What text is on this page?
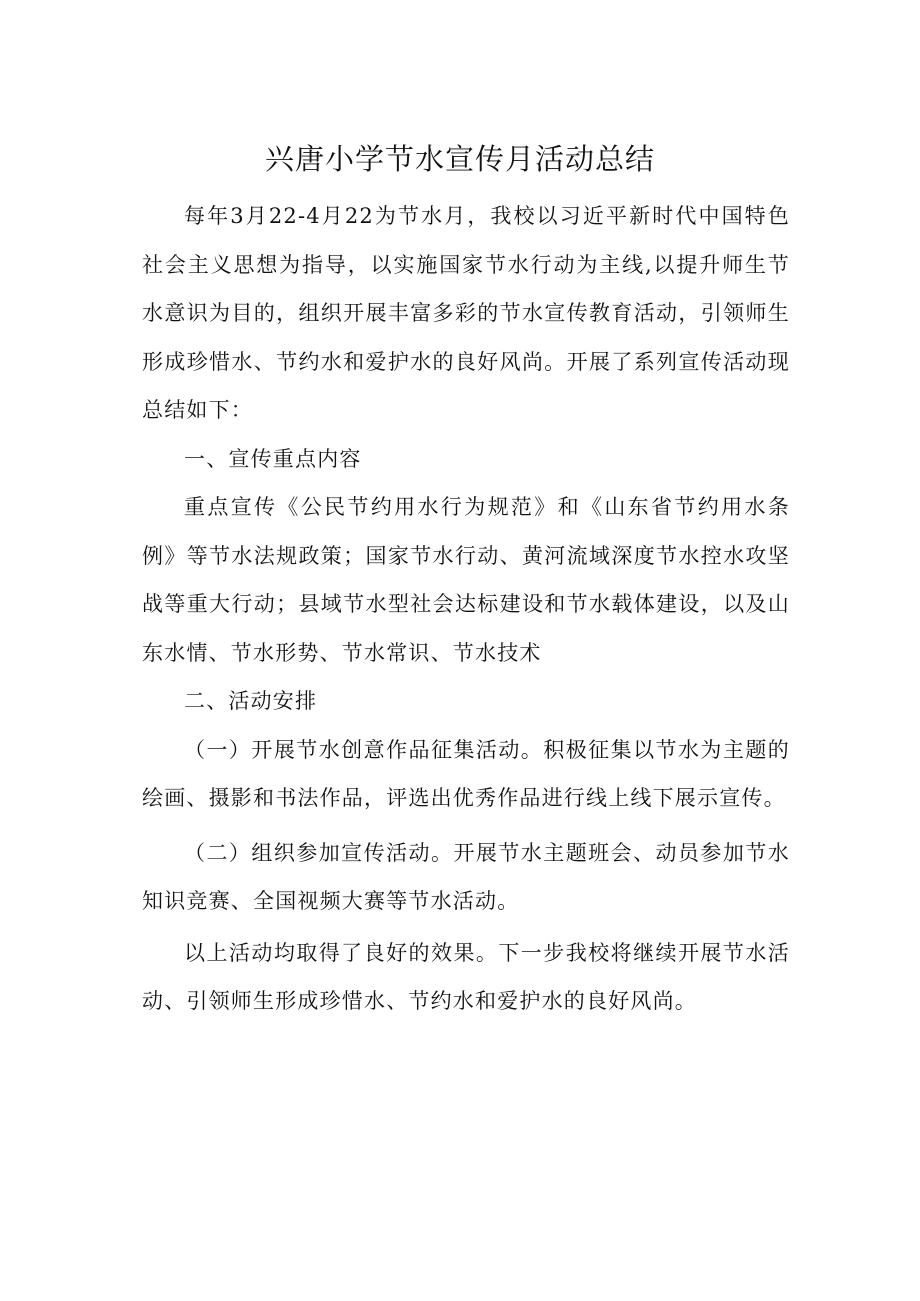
兴唐小学节水宣传月活动总结

每年3月22-4月22为节水月，我校以习近平新时代中国特色社会主义思想为指导，以实施国家节水行动为主线,以提升师生节水意识为目的，组织开展丰富多彩的节水宣传教育活动，引领师生形成珍惜水、节约水和爱护水的良好风尚。开展了系列宣传活动现总结如下：

一、宣传重点内容

重点宣传《公民节约用水行为规范》和《山东省节约用水条例》等节水法规政策；国家节水行动、黄河流域深度节水控水攻坚战等重大行动；县域节水型社会达标建设和节水载体建设，以及山东水情、节水形势、节水常识、节水技术

二、活动安排

（一）开展节水创意作品征集活动。积极征集以节水为主题的绘画、摄影和书法作品，评选出优秀作品进行线上线下展示宣传。

（二）组织参加宣传活动。开展节水主题班会、动员参加节水知识竞赛、全国视频大赛等节水活动。

以上活动均取得了良好的效果。下一步我校将继续开展节水活动、引领师生形成珍惜水、节约水和爱护水的良好风尚。
